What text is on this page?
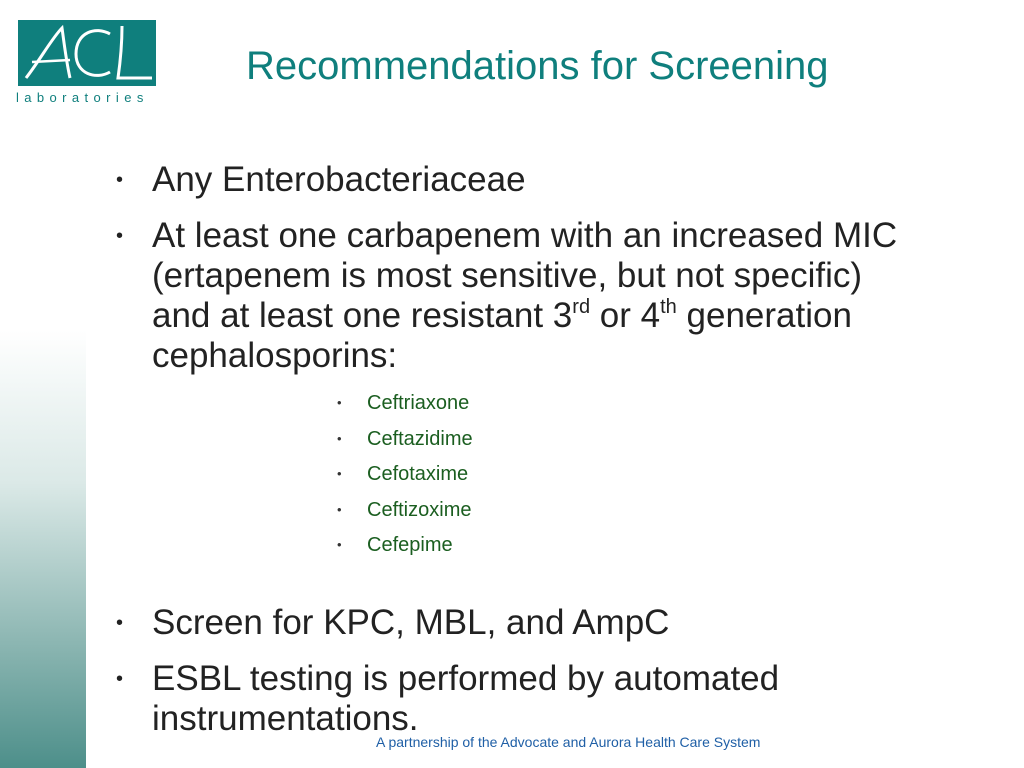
laboratories
Recommendations for Screening
• Any Enterobacteriaceae
• At least one carbapenem with an increased MIC (ertapenem is most sensitive, but not specific) and at least one resistant 3rd or 4th generation cephalosporins:
• Ceftriaxone
• Ceftazidime
• Cefotaxime
• Ceftizoxime
• Cefepime
• Screen for KPC, MBL, and AmpC
• ESBL testing is performed by automated instrumentations.
A partnership of the Advocate and Aurora Health Care System
